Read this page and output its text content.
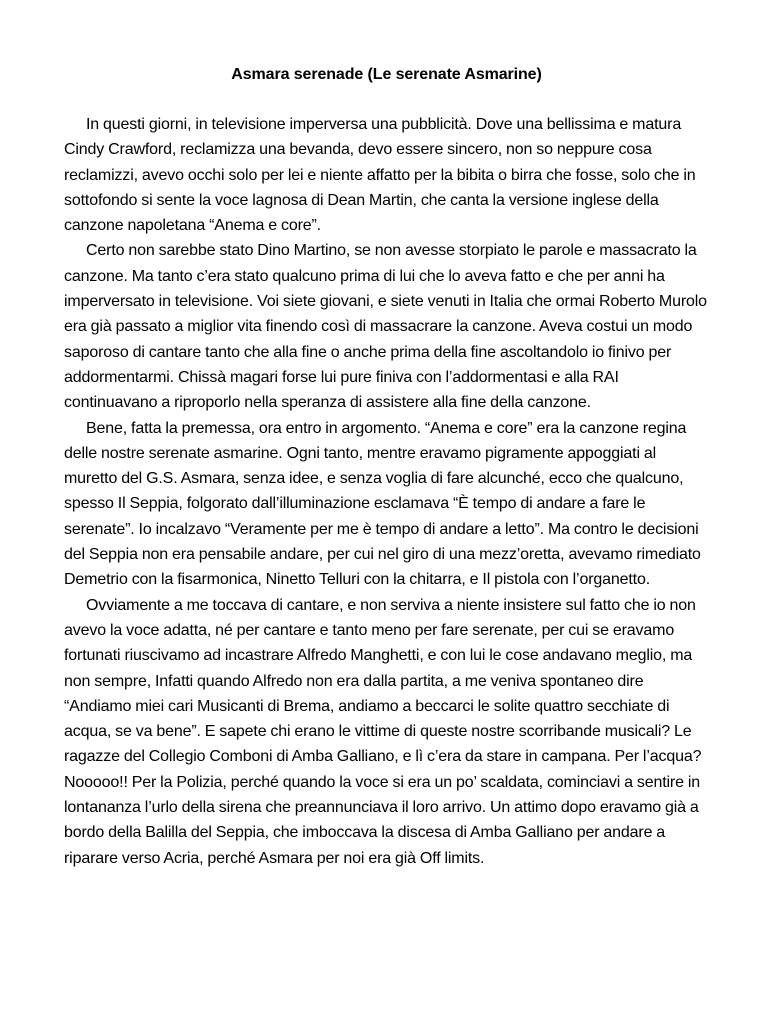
Asmara serenade (Le serenate Asmarine)

In questi giorni, in televisione imperversa una pubblicità. Dove una bellissima e matura Cindy Crawford, reclamizza una bevanda, devo essere sincero, non so neppure cosa reclamizzi, avevo occhi solo per lei e niente affatto per la bibita o birra che fosse, solo che in sottofondo si sente la voce lagnosa di Dean Martin, che canta la versione inglese della canzone napoletana “Anema e core”.

Certo non sarebbe stato Dino Martino, se non avesse storpiato le parole e massacrato la canzone. Ma tanto c’era stato qualcuno prima di lui che lo aveva fatto e che per anni ha imperversato in televisione. Voi siete giovani, e siete venuti in Italia che ormai Roberto Murolo era già passato a miglior vita finendo così di massacrare la canzone. Aveva costui un modo saporoso di cantare tanto che alla fine o anche prima della fine ascoltandolo io finivo per addormentarmi. Chissà magari forse lui pure finiva con l’addormentasi e alla RAI continuavano a riproporlo nella speranza di assistere alla fine della canzone.

Bene, fatta la premessa, ora entro in argomento. “Anema e core” era la canzone regina delle nostre serenate asmarine. Ogni tanto, mentre eravamo pigramente appoggiati al muretto del G.S. Asmara, senza idee, e senza voglia di fare alcunché, ecco che qualcuno, spesso Il Seppia, folgorato dall’illuminazione esclamava “È tempo di andare a fare le serenate”. Io incalzavo “Veramente per me è tempo di andare a letto”. Ma contro le decisioni del Seppia non era pensabile andare, per cui nel giro di una mezz’oretta, avevamo rimediato Demetrio con la fisarmonica, Ninetto Telluri con la chitarra, e Il pistola con l’organetto.

Ovviamente a me toccava di cantare, e non serviva a niente insistere sul fatto che io non avevo la voce adatta, né per cantare e tanto meno per fare serenate, per cui se eravamo fortunati riuscivamo ad incastrare Alfredo Manghetti, e con lui le cose andavano meglio, ma non sempre, Infatti quando Alfredo non era dalla partita, a me veniva spontaneo dire “Andiamo miei cari Musicanti di Brema, andiamo a beccarci le solite quattro secchiate di acqua, se va bene”. E sapete chi erano le vittime di queste nostre scorribande musicali? Le ragazze del Collegio Comboni di Amba Galliano, e lì c’era da stare in campana. Per l’acqua? Nooooo!! Per la Polizia, perché quando la voce si era un po’ scaldata, cominciavi a sentire in lontananza l’urlo della sirena che preannunciava il loro arrivo. Un attimo dopo eravamo già a bordo della Balilla del Seppia, che imboccava la discesa di Amba Galliano per andare a riparare verso Acria, perché Asmara per noi era già Off limits.
